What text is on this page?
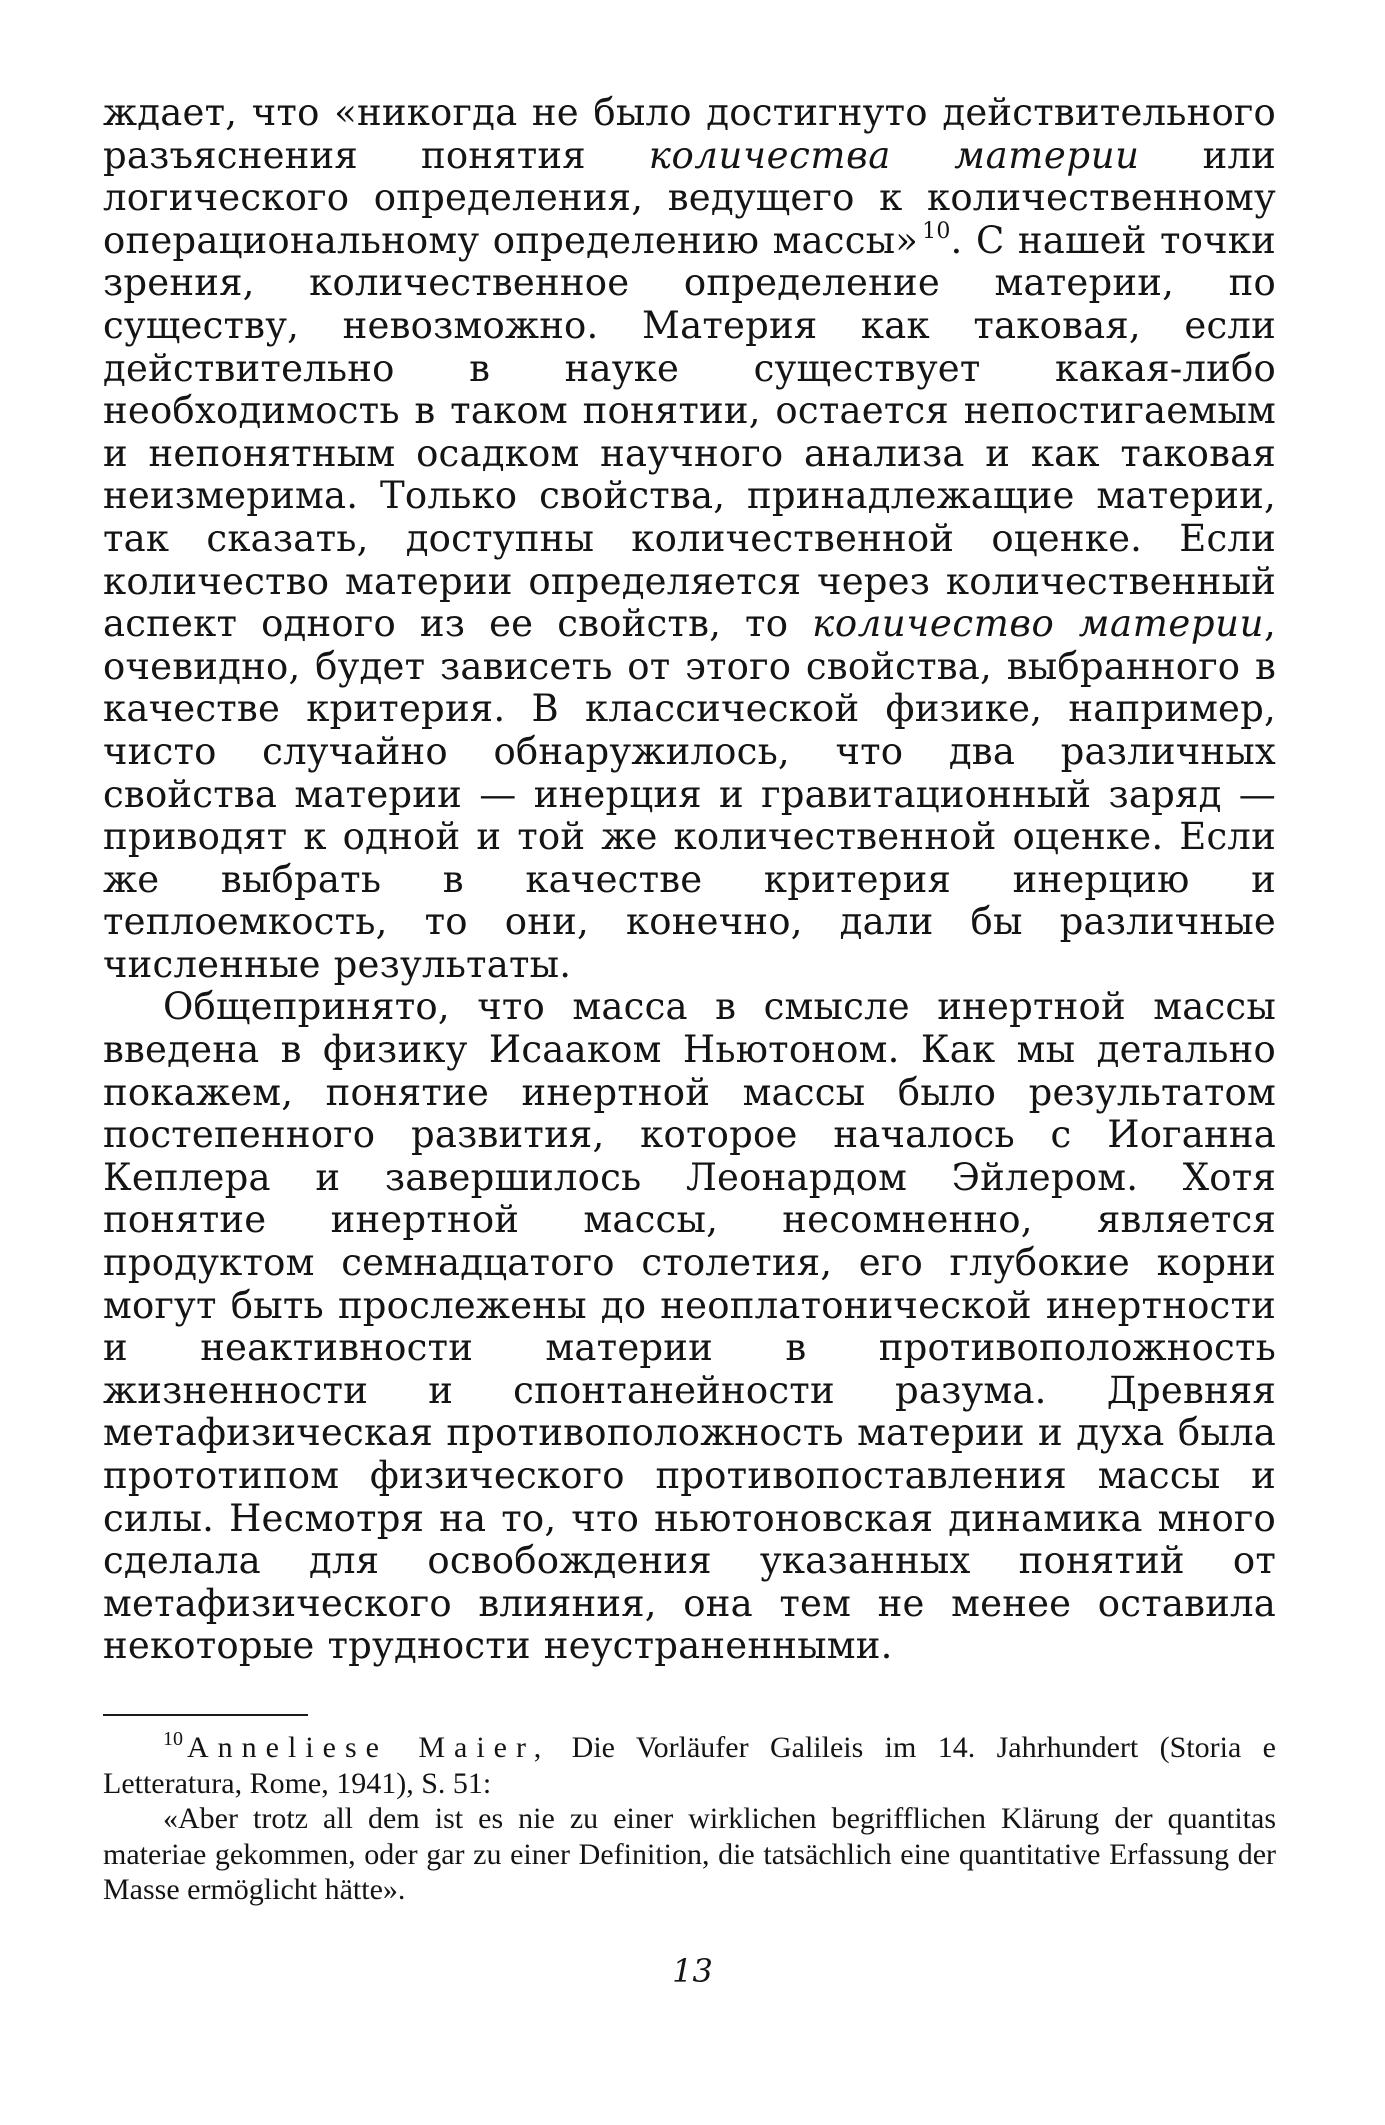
ждает, что «никогда не было достигнуто действительного разъяснения понятия количества материи или логического определения, ведущего к количественному операциональному определению массы» $^{10}$. С нашей точки зрения, количественное определение материи, по существу, невозможно. Материя как таковая, если действительно в науке существует какая-либо необходимость в таком понятии, остается непостигаемым и непонятным осадком научного анализа и как таковая неизмерима. Только свойства, принадлежащие материи, так сказать, доступны количественной оценке. Если количество материи определяется через количественный аспект одного из ее свойств, то количество материи, очевидно, будет зависеть от этого свойства, выбранного в качестве критерия. В классической физике, например, чисто случайно обнаружилось, что два различных свойства материи — инерция и гравитационный заряд — приводят к одной и той же количественной оценке. Если же выбрать в качестве критерия инерцию и теплоемкость, то они, конечно, дали бы различные численные результаты.

Общепринято, что масса в смысле инертной массы введена в физику Исааком Ньютоном. Как мы детально покажем, понятие инертной массы было результатом постепенного развития, которое началось с Иоганна Кеплера и завершилось Леонардом Эйлером. Хотя понятие инертной массы, несомненно, является продуктом семнадцатого столетия, его глубокие корни могут быть прослежены до неоплатонической инертности и неактивности материи в противоположность жизненности и спонтанейности разума. Древняя метафизическая противоположность материи и духа была прототипом физического противопоставления массы и силы. Несмотря на то, что ньютоновская динамика много сделала для освобождения указанных понятий от метафизического влияния, она тем не менее оставила некоторые трудности неустраненными.

$^{10}$ Anneliese Maier, Die Vorläufer Galileis im 14. Jahrhundert (Storia e Letteratura, Rome, 1941), S. 51:

«Aber trotz all dem ist es nie zu einer wirklichen begrifflichen Klärung der quantitas materiae gekommen, oder gar zu einer Definition, die tatsächlich eine quantitative Erfassung der Masse ermöglicht hätte».

13
